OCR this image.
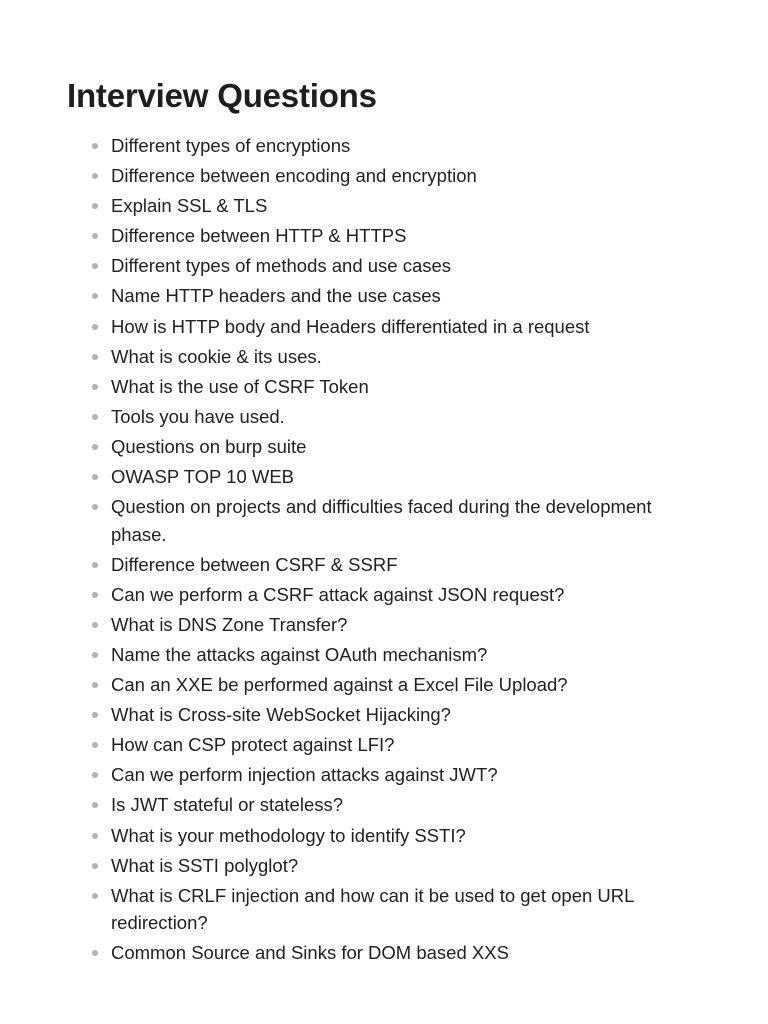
Interview Questions
Different types of encryptions
Difference between encoding and encryption
Explain SSL & TLS
Difference between HTTP & HTTPS
Different types of methods and use cases
Name HTTP headers and the use cases
How is HTTP body and Headers differentiated in a request
What is cookie & its uses.
What is the use of CSRF Token
Tools you have used.
Questions on burp suite
OWASP TOP 10 WEB
Question on projects and difficulties faced during the development phase.
Difference between CSRF & SSRF
Can we perform a CSRF attack against JSON request?
What is DNS Zone Transfer?
Name the attacks against OAuth mechanism?
Can an XXE be performed against a Excel File Upload?
What is Cross-site WebSocket Hijacking?
How can CSP protect against LFI?
Can we perform injection attacks against JWT?
Is JWT stateful or stateless?
What is your methodology to identify SSTI?
What is SSTI polyglot?
What is CRLF injection and how can it be used to get open URL redirection?
Common Source and Sinks for DOM based XXS
